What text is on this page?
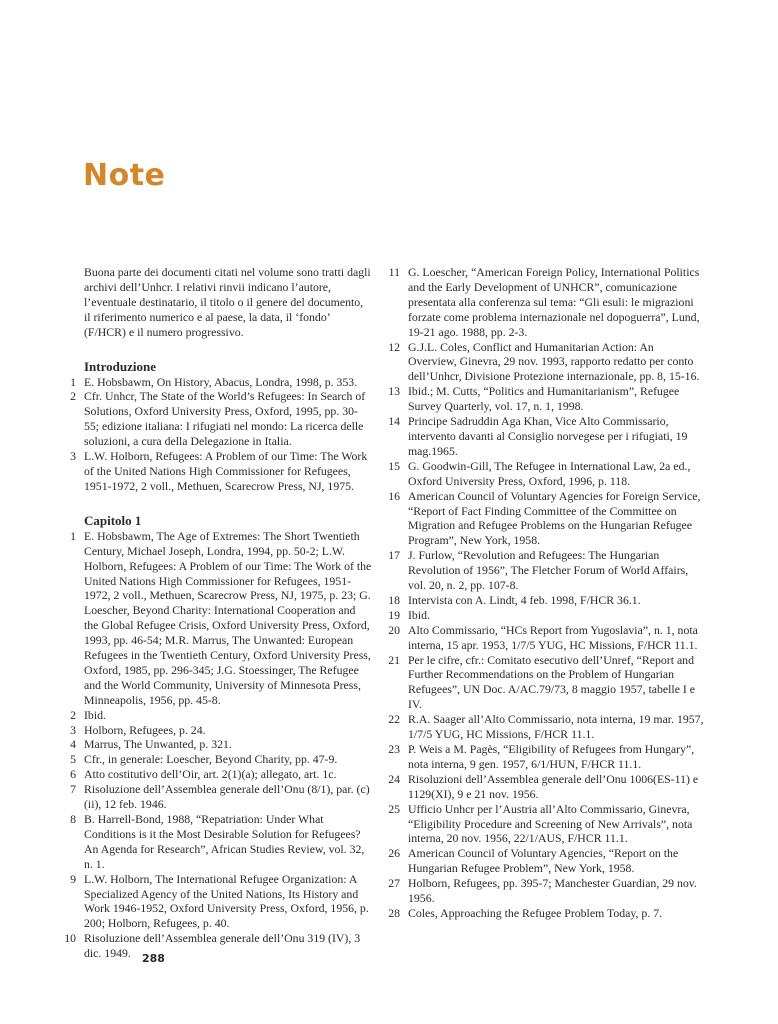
Note

Buona parte dei documenti citati nel volume sono tratti dagli archivi dell’Unhcr. I relativi rinvii indicano l’autore, l’eventuale destinatario, il titolo o il genere del documento, il riferimento numerico e al paese, la data, il ‘fondo’ (F/HCR) e il numero progressivo.

Introduzione
1 E. Hobsbawm, On History, Abacus, Londra, 1998, p. 353.
2 Cfr. Unhcr, The State of the World’s Refugees: In Search of Solutions, Oxford University Press, Oxford, 1995, pp. 30-55; edizione italiana: I rifugiati nel mondo: La ricerca delle soluzioni, a cura della Delegazione in Italia.
3 L.W. Holborn, Refugees: A Problem of our Time: The Work of the United Nations High Commissioner for Refugees, 1951-1972, 2 voll., Methuen, Scarecrow Press, NJ, 1975.
Capitolo 1
1 E. Hobsbawm, The Age of Extremes: The Short Twentieth Century, Michael Joseph, Londra, 1994, pp. 50-2; L.W. Holborn, Refugees: A Problem of our Time: The Work of the United Nations High Commissioner for Refugees, 1951-1972, 2 voll., Methuen, Scarecrow Press, NJ, 1975, p. 23; G. Loescher, Beyond Charity: International Cooperation and the Global Refugee Crisis, Oxford University Press, Oxford, 1993, pp. 46-54; M.R. Marrus, The Unwanted: European Refugees in the Twentieth Century, Oxford University Press, Oxford, 1985, pp. 296-345; J.G. Stoessinger, The Refugee and the World Community, University of Minnesota Press, Minneapolis, 1956, pp. 45-8.
2 Ibid.
3 Holborn, Refugees, p. 24.
4 Marrus, The Unwanted, p. 321.
5 Cfr., in generale: Loescher, Beyond Charity, pp. 47-9.
6 Atto costitutivo dell’Oir, art. 2(1)(a); allegato, art. 1c.
7 Risoluzione dell’Assemblea generale dell’Onu (8/1), par. (c)(ii), 12 feb. 1946.
8 B. Harrell-Bond, 1988, “Repatriation: Under What Conditions is it the Most Desirable Solution for Refugees? An Agenda for Research”, African Studies Review, vol. 32, n. 1.
9 L.W. Holborn, The International Refugee Organization: A Specialized Agency of the United Nations, Its History and Work 1946-1952, Oxford University Press, Oxford, 1956, p. 200; Holborn, Refugees, p. 40.
10 Risoluzione dell’Assemblea generale dell’Onu 319 (IV), 3 dic. 1949.
11 G. Loescher, “American Foreign Policy, International Politics and the Early Development of UNHCR”, comunicazione presentata alla conferenza sul tema: “Gli esuli: le migrazioni forzate come problema internazionale nel dopoguerra”, Lund, 19-21 ago. 1988, pp. 2-3.
12 G.J.L. Coles, Conflict and Humanitarian Action: An Overview, Ginevra, 29 nov. 1993, rapporto redatto per conto dell’Unhcr, Divisione Protezione internazionale, pp. 8, 15-16.
13 Ibid.; M. Cutts, “Politics and Humanitarianism”, Refugee Survey Quarterly, vol. 17, n. 1, 1998.
14 Principe Sadruddin Aga Khan, Vice Alto Commissario, intervento davanti al Consiglio norvegese per i rifugiati, 19 mag.1965.
15 G. Goodwin-Gill, The Refugee in International Law, 2a ed., Oxford University Press, Oxford, 1996, p. 118.
16 American Council of Voluntary Agencies for Foreign Service, “Report of Fact Finding Committee of the Committee on Migration and Refugee Problems on the Hungarian Refugee Program”, New York, 1958.
17 J. Furlow, “Revolution and Refugees: The Hungarian Revolution of 1956”, The Fletcher Forum of World Affairs, vol. 20, n. 2, pp. 107-8.
18 Intervista con A. Lindt, 4 feb. 1998, F/HCR 36.1.
19 Ibid.
20 Alto Commissario, “HCs Report from Yugoslavia”, n. 1, nota interna, 15 apr. 1953, 1/7/5 YUG, HC Missions, F/HCR 11.1.
21 Per le cifre, cfr.: Comitato esecutivo dell’Unref, “Report and Further Recommendations on the Problem of Hungarian Refugees”, UN Doc. A/AC.79/73, 8 maggio 1957, tabelle I e IV.
22 R.A. Saager all’Alto Commissario, nota interna, 19 mar. 1957, 1/7/5 YUG, HC Missions, F/HCR 11.1.
23 P. Weis a M. Pagès, “Eligibility of Refugees from Hungary”, nota interna, 9 gen. 1957, 6/1/HUN, F/HCR 11.1.
24 Risoluzioni dell’Assemblea generale dell’Onu 1006(ES-11) e 1129(XI), 9 e 21 nov. 1956.
25 Ufficio Unhcr per l’Austria all’Alto Commissario, Ginevra, “Eligibility Procedure and Screening of New Arrivals”, nota interna, 20 nov. 1956, 22/1/AUS, F/HCR 11.1.
26 American Council of Voluntary Agencies, “Report on the Hungarian Refugee Problem”, New York, 1958.
27 Holborn, Refugees, pp. 395-7; Manchester Guardian, 29 nov. 1956.
28 Coles, Approaching the Refugee Problem Today, p. 7.
288
